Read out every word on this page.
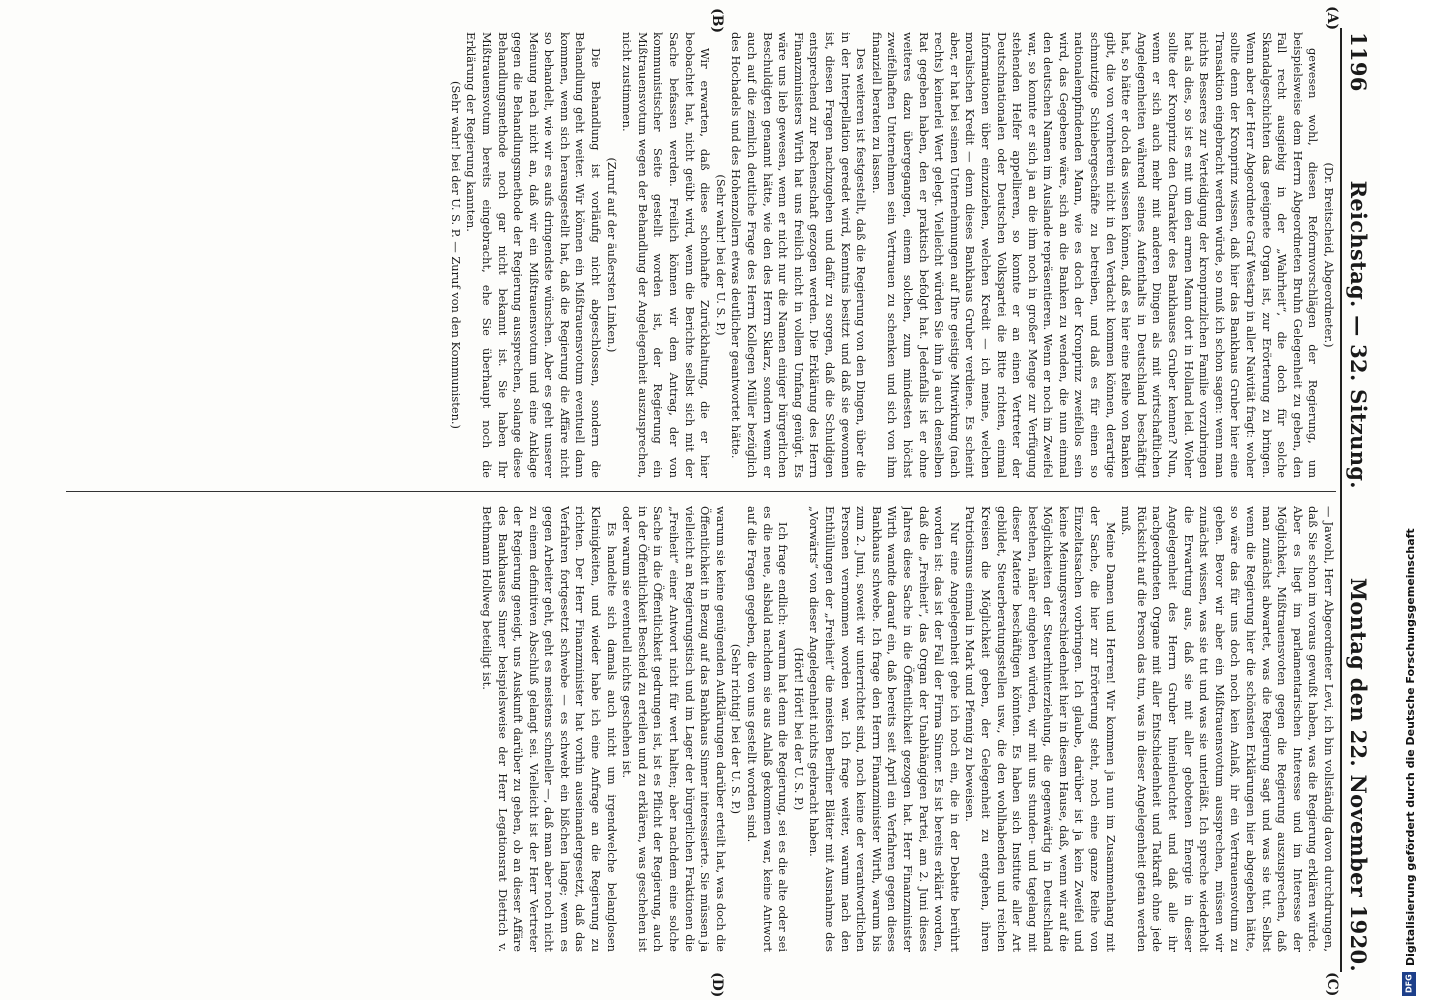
1196
Reichstag. — 32. Sitzung.
Montag den 22. November 1920.
(A)
(B)
(C)
(D)

(Dr. Breitscheid, Abgeordneter.)

gewesen wohl, diesen Reformvorschlägen der Regierung, um beispielsweise dem Herrn Abgeordneten Bruhn Gelegenheit zu geben, den Fall recht ausgiebig in der „Wahrheit“, die doch für solche Skandalgeschichten das geeignete Organ ist, zur Erörterung zu bringen. Wenn aber der Herr Abgeordnete Graf Westarp in aller Naivität fragt: woher sollte denn der Kronprinz wissen, daß hier das Bankhaus Gruber hier eine Transaktion eingebracht werden würde, so muß ich schon sagen: wenn man nichts Besseres zur Verteidigung der kronprinzlichen Familie vorzubringen hat als dies, so ist es mit um den armen Mann dort in Holland leid. Woher sollte der Kronprinz den Charakter des Bankhauses Gruber kennen? Nun, wenn er sich auch mehr mit anderen Dingen als mit wirtschaftlichen Angelegenheiten während seines Aufenthalts in Deutschland beschäftigt hat, so hätte er doch das wissen können, daß es hier eine Reihe von Banken gibt, die von vornherein nicht in den Verdacht kommen können, derartige schmutzige Schiebergeschäfte zu betreiben, und daß es für einen so nationalempfindenden Mann, wie es doch der Kronprinz zweifellos sein wird, das Gegebene wäre, sich an die Banken zu wenden, die nun einmal den deutschen Namen im Auslande repräsentieren. Wenn er noch im Zweifel war, so konnte er sich ja an die ihm noch in großer Menge zur Verfügung stehenden Helfer appellieren, so konnte er an einen Vertreter der Deutschnationalen oder Deutschen Volkspartei die Bitte richten, einmal Informationen über einzuziehen, welchen Kredit — ich meine, welchen moralischen Kredit — denn dieses Bankhaus Gruber verdiene. Es scheint aber, er hat bei seinen Unternehmungen auf Ihre geistige Mitwirkung (nach rechts) keinerlei Wert gelegt. Vielleicht würden Sie ihm ja auch denselben Rat gegeben haben, den er praktisch befolgt hat. Jedenfalls ist er ohne weiteres dazu übergegangen, einem solchen, zum mindesten höchst zweifelhaften Unternehmen sein Vertrauen zu schenken und sich von ihm finanziell beraten zu lassen.

Des weiteren ist festgestellt, daß die Regierung von den Dingen, über die in der Interpellation geredet wird, Kenntnis besitzt und daß sie gewonnen ist, diesen Fragen nachzugehen und dafür zu sorgen, daß die Schuldigen entsprechend zur Rechenschaft gezogen werden. Die Erklärung des Herrn Finanzministers Wirth hat uns freilich nicht in vollem Umfang genügt. Es wäre uns lieb gewesen, wenn er nicht nur die Namen einiger bürgerlichen Beschuldigten genannt hätte, wie den des Herrn Sklarz, sondern wenn er auch auf die ziemlich deutliche Frage des Herrn Kollegen Müller bezüglich des Hochadels und des Hohenzollern etwas deutlicher geantwortet hätte.

(Sehr wahr! bei der U. S. P.)

Wir erwarten, daß diese schonhafte Zurückhaltung, die er hier beobachtet hat, nicht geübt wird, wenn die Berichte selbst sich mit der Sache befassen werden. Freilich können wir dem Antrag, der von kommunistischer Seite gestellt worden ist, der Regierung ein Mißtrauensvotum wegen der Behandlung der Angelegenheit auszusprechen, nicht zustimmen.

(Zuruf auf der äußersten Linken.)

Die Behandlung ist vorläufig nicht abgeschlossen, sondern die Behandlung geht weiter. Wir können ein Mißtrauensvotum eventuell dann kommen, wenn sich herausgestellt hat, daß die Regierung die Affäre nicht so behandelt, wie wir es aufs dringendste wünschen. Aber es geht unserer Meinung nach nicht an, daß wir ein Mißtrauensvotum und eine Anklage gegen die Behandlungsmethode der Regierung aussprechen, solange diese Behandlungsmethode noch gar nicht bekannt ist. Sie haben Ihr Mißtrauensvotum bereits eingebracht, ehe Sie überhaupt noch die Erklärung der Regierung kannten.

(Sehr wahr! bei der U. S. P. — Zuruf von den Kommunisten.)

— Jawohl, Herr Abgeordneter Levi, ich bin vollständig davon durchdrungen, daß Sie schon im voraus gewußt haben, was die Regierung erklären würde. Aber es liegt im parlamentarischen Interesse und im Interesse der Möglichkeit, Mißtrauensvoten gegen die Regierung auszusprechen, daß man zunächst abwartet, was die Regierung sagt und was sie tut. Selbst wenn die Regierung hier die schönsten Erklärungen hier abgegeben hätte, so wäre das für uns doch noch kein Anlaß, ihr ein Vertrauensvotum zu geben. Bevor wir aber ein Mißtrauensvotum aussprechen, müssen wir zunächst wissen, was sie tut und was sie unterläßt. Ich spreche wiederholt die Erwartung aus, daß sie mit aller gebotenen Energie in dieser Angelegenheit des Herrn Gruber hineinleuchtet und daß alle ihr nachgeordneten Organe mit aller Entschiedenheit und Tatkraft ohne jede Rücksicht auf die Person das tun, was in dieser Angelegenheit getan werden muß.

Meine Damen und Herren! Wir kommen ja nun im Zusammenhang mit der Sache, die hier zur Erörterung steht, noch eine ganze Reihe von Einzeltatsachen vorbringen. Ich glaube, darüber ist ja kein Zweifel und keine Meinungsverschiedenheit hier in diesem Hause, daß, wenn wir auf die Möglichkeiten der Steuerhinterziehung, die gegenwärtig in Deutschland bestehen, näher eingehen würden, wir mit uns stunden- und tagelang mit dieser Materie beschäftigen könnten. Es haben sich Institute aller Art gebildet, Steuerberatungsstellen usw., die den wohlhabenden und reichen Kreisen die Möglichkeit geben, der Gelegenheit zu entgehen, ihren Patriotismus einmal in Mark und Pfennig zu beweisen.

Nur eine Angelegenheit gehe ich noch ein, die in der Debatte berührt worden ist: das ist der Fall der Firma Sinner. Es ist bereits erklärt worden, daß die „Freiheit“, das Organ der Unabhängigen Partei, am 2. Juni dieses Jahres diese Sache in die Öffentlichkeit gezogen hat. Herr Finanzminister Wirth wandte darauf ein, daß bereits seit April ein Verfahren gegen dieses Bankhaus schwebe. Ich frage den Herrn Finanzminister Wirth, warum bis zum 2. Juni, soweit wir unterrichtet sind, noch keine der verantwortlichen Personen vernommen worden war. Ich frage weiter, warum nach den Enthüllungen der „Freiheit“ die meisten Berliner Blätter mit Ausnahme des „Vorwärts“ von dieser Angelegenheit nichts gebracht haben.

(Hört! Hört! bei der U. S. P.)

Ich frage endlich: warum hat denn die Regierung, sei es die alte oder sei es die neue, alsbald nachdem sie aus Anlaß gekommen war, keine Antwort auf die Fragen gegeben, die von uns gestellt worden sind.

(Sehr richtig! bei der U. S. P.)

warum sie keine genügenden Aufklärungen darüber erteilt hat, was doch die Öffentlichkeit in Bezug auf das Bankhaus Sinner interessierte. Sie müssen ja vielleicht an Regierungstisch und im Lager der bürgerlichen Fraktionen die „Freiheit“ einer Antwort nicht für wert halten; aber nachdem eine solche Sache in die Öffentlichkeit gedrungen ist, ist es Pflicht der Regierung, auch in der Öffentlichkeit Bescheid zu erteilen und zu erklären, was geschehen ist oder warum sie eventuell nichts geschehen ist.

Es handelte sich damals auch nicht um irgendwelche belanglosen Kleinigkeiten, und wieder habe ich eine Anfrage an die Regierung zu richten. Der Herr Finanzminister hat vorhin auseinandergesetzt, daß das Verfahren fortgesetzt schwebe — es schwebt ein bißchen lange; wenn es gegen Arbeiter geht, geht es meistens schneller —, daß man aber noch nicht zu einem definitiven Abschluß gelangt sei. Vielleicht ist der Herr Vertreter der Regierung geneigt, uns Auskunft darüber zu geben, ob an dieser Affäre des Bankhauses Sinner beispielsweise der Herr Legationsrat Dietrich v. Bethmann Hollweg beteiligt ist.	Digitalisierung gefördert durch die Deutsche Forschungsgemeinschaft
DFG
